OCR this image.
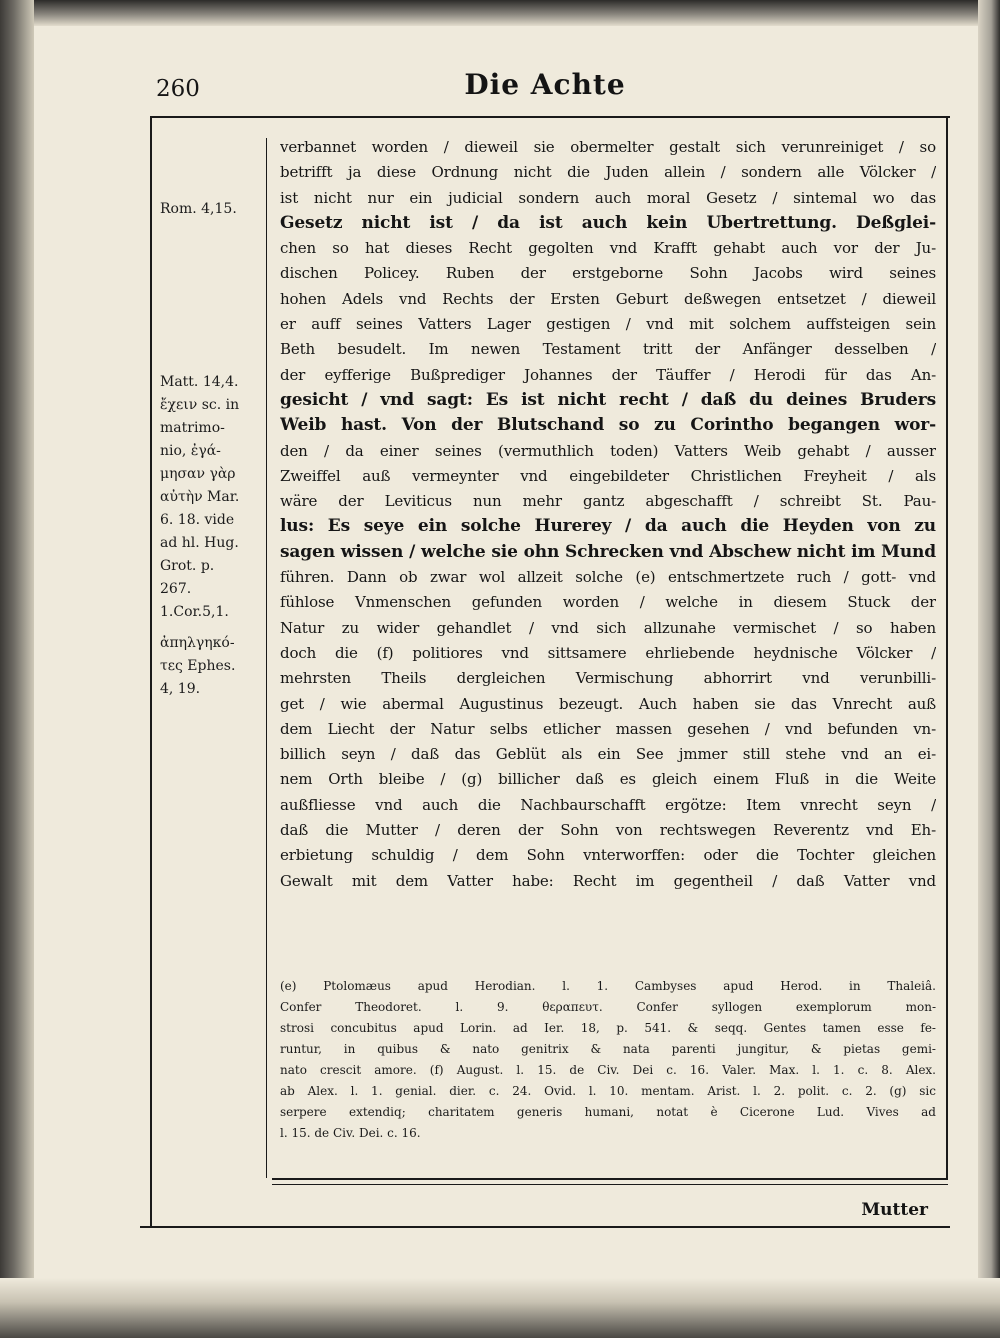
260	Die Achte
Rom. 4,15.
Matt. 14,4.
ἔχειν sc. in
matrimo-
nio, ἐγά-
μησαν γὰρ
αὐτὴν Mar.
6. 18. vide
ad hl. Hug.
Grot. p.
267.
1.Cor.5,1.
ἀπηλγηκό-
τες Ephes.
4, 19.
verbannet worden / dieweil sie obermelter gestalt sich verunreiniget / so
betrifft ja diese Ordnung nicht die Juden allein / sondern alle Völcker /
ist nicht nur ein judicial sondern auch moral Gesetz / sintemal wo das
Gesetz nicht ist / da ist auch kein Ubertrettung. Deßglei-
chen so hat dieses Recht gegolten vnd Krafft gehabt auch vor der Ju-
dischen Policey. Ruben der erstgeborne Sohn Jacobs wird seines
hohen Adels vnd Rechts der Ersten Geburt deßwegen entsetzet / dieweil
er auff seines Vatters Lager gestigen / vnd mit solchem auffsteigen sein
Beth besudelt. Im newen Testament tritt der Anfänger desselben /
der eyfferige Bußprediger Johannes der Täuffer / Herodi für das An-
gesicht / vnd sagt: Es ist nicht recht / daß du deines Bruders
Weib hast. Von der Blutschand so zu Corintho begangen wor-
den / da einer seines (vermuthlich toden) Vatters Weib gehabt / ausser
Zweiffel auß vermeynter vnd eingebildeter Christlichen Freyheit / als
wäre der Leviticus nun mehr gantz abgeschafft / schreibt St. Pau-
lus: Es seye ein solche Hurerey / da auch die Heyden von zu
sagen wissen / welche sie ohn Schrecken vnd Abschew nicht im Mund
führen. Dann ob zwar wol allzeit solche (e) entschmertzete ruch / gott- vnd
fühlose Vnmenschen gefunden worden / welche in diesem Stuck der
Natur zu wider gehandlet / vnd sich allzunahe vermischet / so haben
doch die (f) politiores vnd sittsamere ehrliebende heydnische Völcker /
mehrsten Theils dergleichen Vermischung abhorrirt vnd verunbilli-
get / wie abermal Augustinus bezeugt. Auch haben sie das Vnrecht auß
dem Liecht der Natur selbs etlicher massen gesehen / vnd befunden vn-
billich seyn / daß das Geblüt als ein See jmmer still stehe vnd an ei-
nem Orth bleibe / (g) billicher daß es gleich einem Fluß in die Weite
außfliesse vnd auch die Nachbaurschafft ergötze: Item vnrecht seyn /
daß die Mutter / deren der Sohn von rechtswegen Reverentz vnd Eh-
erbietung schuldig / dem Sohn vnterworffen: oder die Tochter gleichen
Gewalt mit dem Vatter habe: Recht im gegentheil / daß Vatter vnd
(e) Ptolomæus apud Herodian. l. 1. Cambyses apud Herod. in Thaleiâ.
Confer Theodoret. l. 9. θεραπευτ. Confer syllogen exemplorum mon-
strosi concubitus apud Lorin. ad Ier. 18, p. 541. & seqq. Gentes tamen esse fe-
runtur, in quibus & nato genitrix & nata parenti jungitur, & pietas gemi-
nato crescit amore. (f) August. l. 15. de Civ. Dei c. 16. Valer. Max. l. 1. c. 8. Alex.
ab Alex. l. 1. genial. dier. c. 24. Ovid. l. 10. mentam. Arist. l. 2. polit. c. 2. (g) sic
serpere extendiq; charitatem generis humani, notat è Cicerone Lud. Vives ad
l. 15. de Civ. Dei. c. 16.
Mutter
